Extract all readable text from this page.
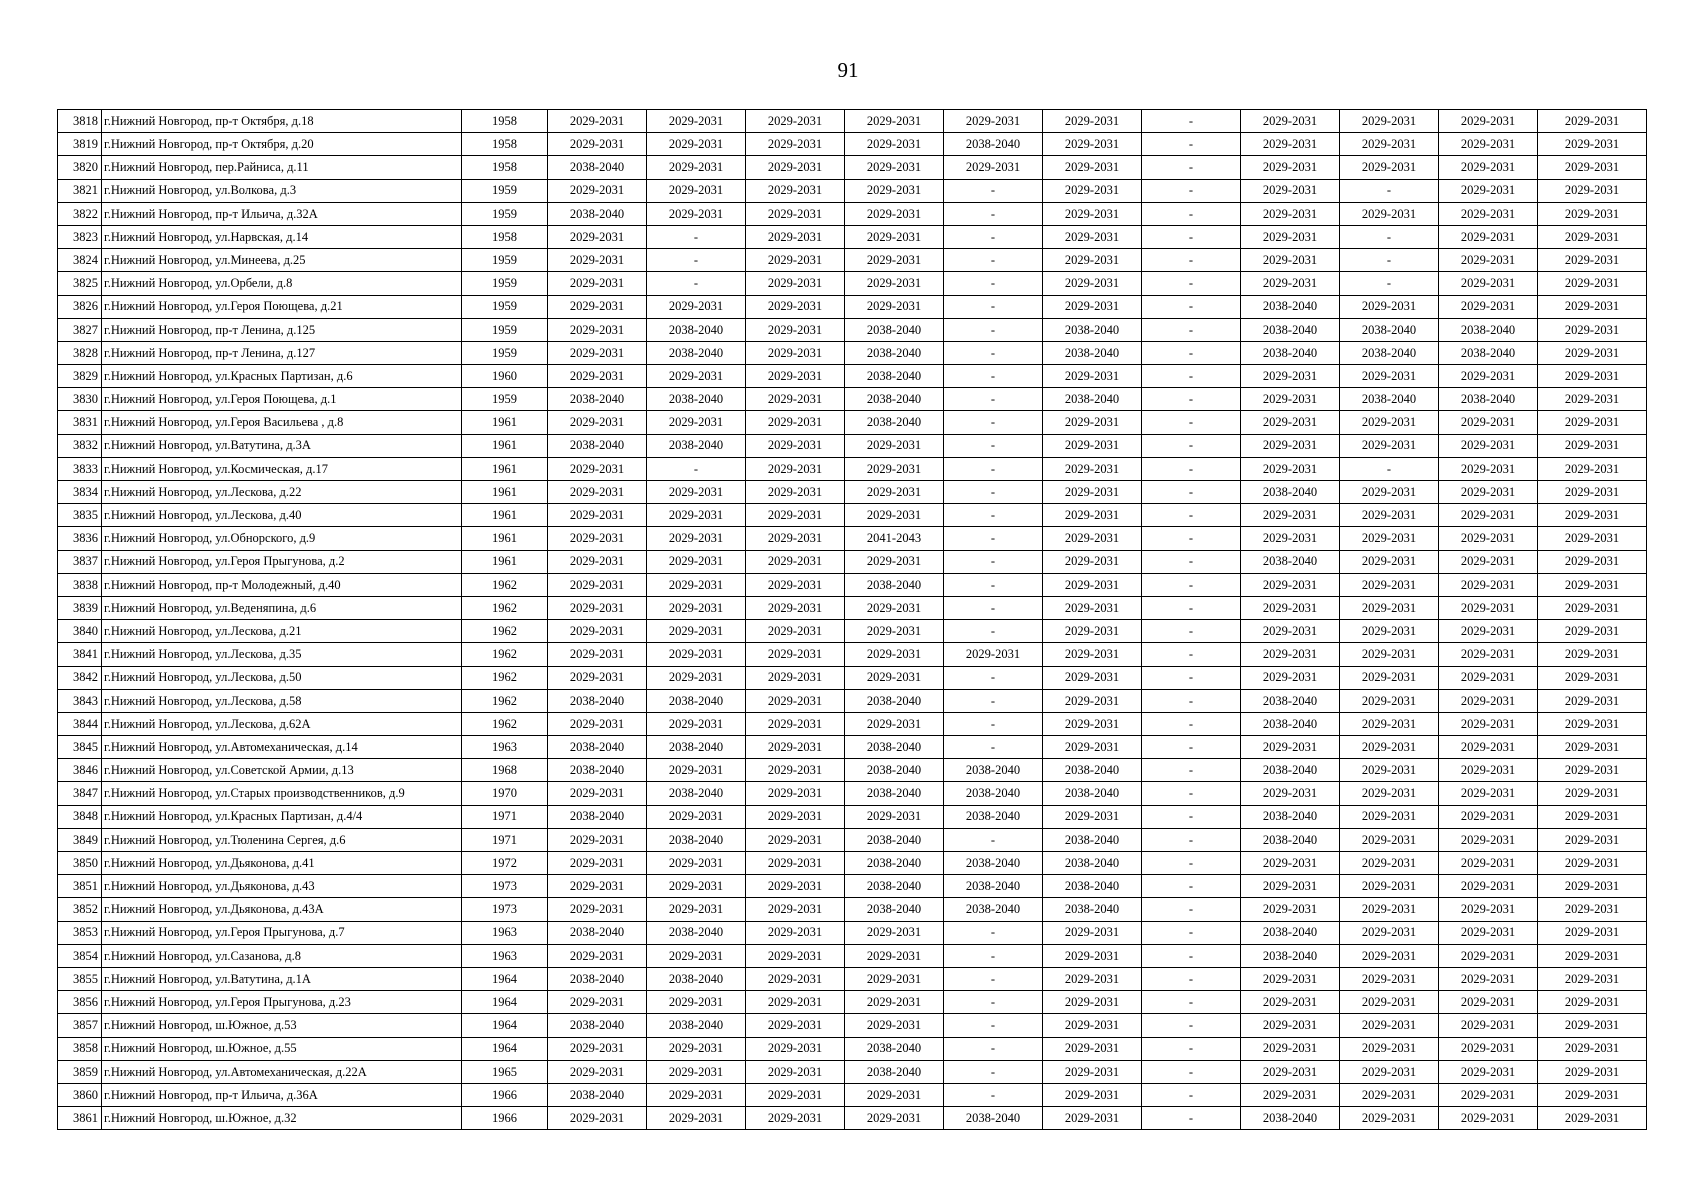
91
3818	г.Нижний Новгород, пр-т Октября, д.18	1958	2029-2031	2029-2031	2029-2031	2029-2031	2029-2031	2029-2031	-	2029-2031	2029-2031	2029-2031	2029-2031
3819	г.Нижний Новгород, пр-т Октября, д.20	1958	2029-2031	2029-2031	2029-2031	2029-2031	2038-2040	2029-2031	-	2029-2031	2029-2031	2029-2031	2029-2031
3820	г.Нижний Новгород, пер.Райниса, д.11	1958	2038-2040	2029-2031	2029-2031	2029-2031	2029-2031	2029-2031	-	2029-2031	2029-2031	2029-2031	2029-2031
3821	г.Нижний Новгород, ул.Волкова, д.3	1959	2029-2031	2029-2031	2029-2031	2029-2031	-	2029-2031	-	2029-2031	-	2029-2031	2029-2031
3822	г.Нижний Новгород, пр-т Ильича, д.32А	1959	2038-2040	2029-2031	2029-2031	2029-2031	-	2029-2031	-	2029-2031	2029-2031	2029-2031	2029-2031
3823	г.Нижний Новгород, ул.Нарвская, д.14	1958	2029-2031	-	2029-2031	2029-2031	-	2029-2031	-	2029-2031	-	2029-2031	2029-2031
3824	г.Нижний Новгород, ул.Минеева, д.25	1959	2029-2031	-	2029-2031	2029-2031	-	2029-2031	-	2029-2031	-	2029-2031	2029-2031
3825	г.Нижний Новгород, ул.Орбели, д.8	1959	2029-2031	-	2029-2031	2029-2031	-	2029-2031	-	2029-2031	-	2029-2031	2029-2031
3826	г.Нижний Новгород, ул.Героя Поющева, д.21	1959	2029-2031	2029-2031	2029-2031	2029-2031	-	2029-2031	-	2038-2040	2029-2031	2029-2031	2029-2031
3827	г.Нижний Новгород, пр-т Ленина, д.125	1959	2029-2031	2038-2040	2029-2031	2038-2040	-	2038-2040	-	2038-2040	2038-2040	2038-2040	2029-2031
3828	г.Нижний Новгород, пр-т Ленина, д.127	1959	2029-2031	2038-2040	2029-2031	2038-2040	-	2038-2040	-	2038-2040	2038-2040	2038-2040	2029-2031
3829	г.Нижний Новгород, ул.Красных Партизан, д.6	1960	2029-2031	2029-2031	2029-2031	2038-2040	-	2029-2031	-	2029-2031	2029-2031	2029-2031	2029-2031
3830	г.Нижний Новгород, ул.Героя Поющева, д.1	1959	2038-2040	2038-2040	2029-2031	2038-2040	-	2038-2040	-	2029-2031	2038-2040	2038-2040	2029-2031
3831	г.Нижний Новгород, ул.Героя Васильева , д.8	1961	2029-2031	2029-2031	2029-2031	2038-2040	-	2029-2031	-	2029-2031	2029-2031	2029-2031	2029-2031
3832	г.Нижний Новгород, ул.Ватутина, д.3А	1961	2038-2040	2038-2040	2029-2031	2029-2031	-	2029-2031	-	2029-2031	2029-2031	2029-2031	2029-2031
3833	г.Нижний Новгород, ул.Космическая, д.17	1961	2029-2031	-	2029-2031	2029-2031	-	2029-2031	-	2029-2031	-	2029-2031	2029-2031
3834	г.Нижний Новгород, ул.Лескова, д.22	1961	2029-2031	2029-2031	2029-2031	2029-2031	-	2029-2031	-	2038-2040	2029-2031	2029-2031	2029-2031
3835	г.Нижний Новгород, ул.Лескова, д.40	1961	2029-2031	2029-2031	2029-2031	2029-2031	-	2029-2031	-	2029-2031	2029-2031	2029-2031	2029-2031
3836	г.Нижний Новгород, ул.Обнорского, д.9	1961	2029-2031	2029-2031	2029-2031	2041-2043	-	2029-2031	-	2029-2031	2029-2031	2029-2031	2029-2031
3837	г.Нижний Новгород, ул.Героя Прыгунова, д.2	1961	2029-2031	2029-2031	2029-2031	2029-2031	-	2029-2031	-	2038-2040	2029-2031	2029-2031	2029-2031
3838	г.Нижний Новгород, пр-т Молодежный, д.40	1962	2029-2031	2029-2031	2029-2031	2038-2040	-	2029-2031	-	2029-2031	2029-2031	2029-2031	2029-2031
3839	г.Нижний Новгород, ул.Веденяпина, д.6	1962	2029-2031	2029-2031	2029-2031	2029-2031	-	2029-2031	-	2029-2031	2029-2031	2029-2031	2029-2031
3840	г.Нижний Новгород, ул.Лескова, д.21	1962	2029-2031	2029-2031	2029-2031	2029-2031	-	2029-2031	-	2029-2031	2029-2031	2029-2031	2029-2031
3841	г.Нижний Новгород, ул.Лескова, д.35	1962	2029-2031	2029-2031	2029-2031	2029-2031	2029-2031	2029-2031	-	2029-2031	2029-2031	2029-2031	2029-2031
3842	г.Нижний Новгород, ул.Лескова, д.50	1962	2029-2031	2029-2031	2029-2031	2029-2031	-	2029-2031	-	2029-2031	2029-2031	2029-2031	2029-2031
3843	г.Нижний Новгород, ул.Лескова, д.58	1962	2038-2040	2038-2040	2029-2031	2038-2040	-	2029-2031	-	2038-2040	2029-2031	2029-2031	2029-2031
3844	г.Нижний Новгород, ул.Лескова, д.62А	1962	2029-2031	2029-2031	2029-2031	2029-2031	-	2029-2031	-	2038-2040	2029-2031	2029-2031	2029-2031
3845	г.Нижний Новгород, ул.Автомеханическая, д.14	1963	2038-2040	2038-2040	2029-2031	2038-2040	-	2029-2031	-	2029-2031	2029-2031	2029-2031	2029-2031
3846	г.Нижний Новгород, ул.Советской Армии, д.13	1968	2038-2040	2029-2031	2029-2031	2038-2040	2038-2040	2038-2040	-	2038-2040	2029-2031	2029-2031	2029-2031
3847	г.Нижний Новгород, ул.Старых производственников, д.9	1970	2029-2031	2038-2040	2029-2031	2038-2040	2038-2040	2038-2040	-	2029-2031	2029-2031	2029-2031	2029-2031
3848	г.Нижний Новгород, ул.Красных Партизан, д.4/4	1971	2038-2040	2029-2031	2029-2031	2029-2031	2038-2040	2029-2031	-	2038-2040	2029-2031	2029-2031	2029-2031
3849	г.Нижний Новгород, ул.Тюленина Сергея, д.6	1971	2029-2031	2038-2040	2029-2031	2038-2040	-	2038-2040	-	2038-2040	2029-2031	2029-2031	2029-2031
3850	г.Нижний Новгород, ул.Дьяконова, д.41	1972	2029-2031	2029-2031	2029-2031	2038-2040	2038-2040	2038-2040	-	2029-2031	2029-2031	2029-2031	2029-2031
3851	г.Нижний Новгород, ул.Дьяконова, д.43	1973	2029-2031	2029-2031	2029-2031	2038-2040	2038-2040	2038-2040	-	2029-2031	2029-2031	2029-2031	2029-2031
3852	г.Нижний Новгород, ул.Дьяконова, д.43А	1973	2029-2031	2029-2031	2029-2031	2038-2040	2038-2040	2038-2040	-	2029-2031	2029-2031	2029-2031	2029-2031
3853	г.Нижний Новгород, ул.Героя Прыгунова, д.7	1963	2038-2040	2038-2040	2029-2031	2029-2031	-	2029-2031	-	2038-2040	2029-2031	2029-2031	2029-2031
3854	г.Нижний Новгород, ул.Сазанова, д.8	1963	2029-2031	2029-2031	2029-2031	2029-2031	-	2029-2031	-	2038-2040	2029-2031	2029-2031	2029-2031
3855	г.Нижний Новгород, ул.Ватутина, д.1А	1964	2038-2040	2038-2040	2029-2031	2029-2031	-	2029-2031	-	2029-2031	2029-2031	2029-2031	2029-2031
3856	г.Нижний Новгород, ул.Героя Прыгунова, д.23	1964	2029-2031	2029-2031	2029-2031	2029-2031	-	2029-2031	-	2029-2031	2029-2031	2029-2031	2029-2031
3857	г.Нижний Новгород, ш.Южное, д.53	1964	2038-2040	2038-2040	2029-2031	2029-2031	-	2029-2031	-	2029-2031	2029-2031	2029-2031	2029-2031
3858	г.Нижний Новгород, ш.Южное, д.55	1964	2029-2031	2029-2031	2029-2031	2038-2040	-	2029-2031	-	2029-2031	2029-2031	2029-2031	2029-2031
3859	г.Нижний Новгород, ул.Автомеханическая, д.22А	1965	2029-2031	2029-2031	2029-2031	2038-2040	-	2029-2031	-	2029-2031	2029-2031	2029-2031	2029-2031
3860	г.Нижний Новгород, пр-т Ильича, д.36А	1966	2038-2040	2029-2031	2029-2031	2029-2031	-	2029-2031	-	2029-2031	2029-2031	2029-2031	2029-2031
3861	г.Нижний Новгород, ш.Южное, д.32	1966	2029-2031	2029-2031	2029-2031	2029-2031	2038-2040	2029-2031	-	2038-2040	2029-2031	2029-2031	2029-2031
